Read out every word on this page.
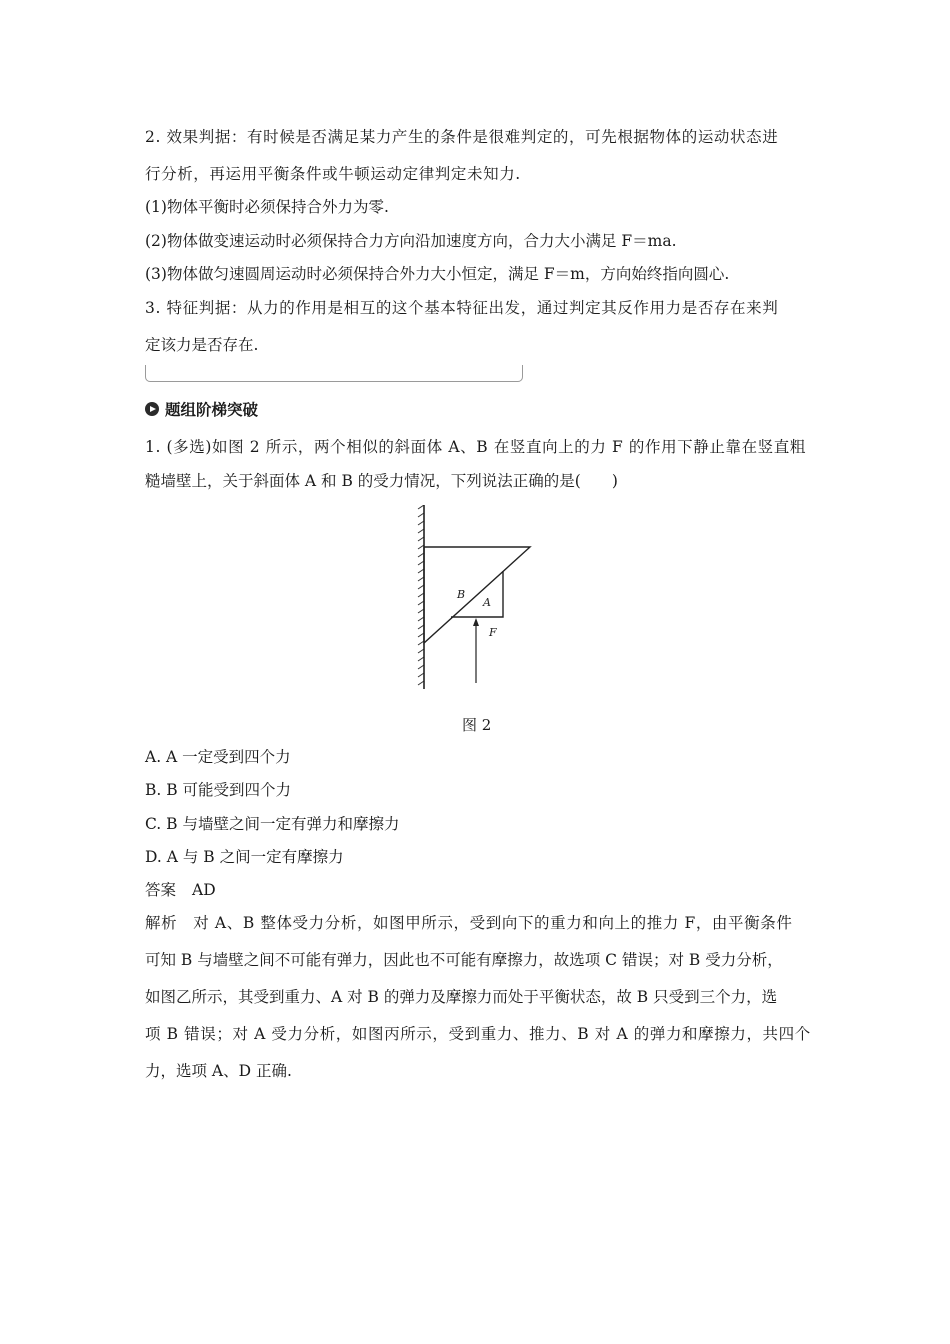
2. 效果判据：有时候是否满足某力产生的条件是很难判定的，可先根据物体的运动状态进
行分析，再运用平衡条件或牛顿运动定律判定未知力.
(1)物体平衡时必须保持合外力为零.
(2)物体做变速运动时必须保持合力方向沿加速度方向，合力大小满足 F＝ma.
(3)物体做匀速圆周运动时必须保持合外力大小恒定，满足 F＝m，方向始终指向圆心.
3. 特征判据：从力的作用是相互的这个基本特征出发，通过判定其反作用力是否存在来判
定该力是否存在.
题组阶梯突破
1. (多选)如图 2 所示，两个相似的斜面体 A、B 在竖直向上的力 F 的作用下静止靠在竖直粗
糙墙壁上，关于斜面体 A 和 B 的受力情况，下列说法正确的是(　　)
B
A
F
图 2
A. A 一定受到四个力
B. B 可能受到四个力
C. B 与墙壁之间一定有弹力和摩擦力
D. A 与 B 之间一定有摩擦力
答案 AD
解析　对 A、B 整体受力分析，如图甲所示，受到向下的重力和向上的推力 F，由平衡条件
可知 B 与墙壁之间不可能有弹力，因此也不可能有摩擦力，故选项 C 错误；对 B 受力分析，
如图乙所示，其受到重力、A 对 B 的弹力及摩擦力而处于平衡状态，故 B 只受到三个力，选
项 B 错误；对 A 受力分析，如图丙所示，受到重力、推力、B 对 A 的弹力和摩擦力，共四个
力，选项 A、D 正确.
